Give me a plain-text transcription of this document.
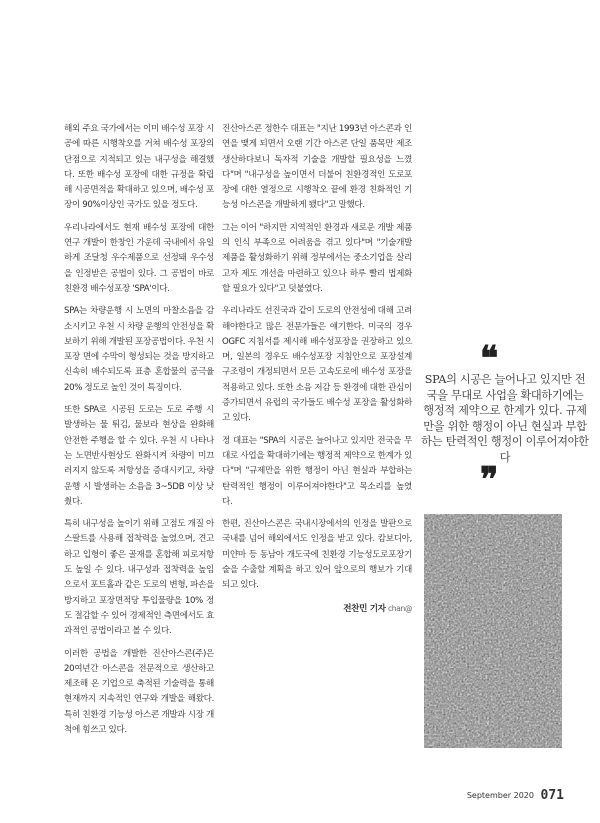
해외 주요 국가에서는 이미 배수성 포장 시공에 따른 시행착오를 거쳐 배수성 포장의 단점으로 지적되고 있는 내구성을 해결했다. 또한 배수성 포장에 대한 규정을 확립해 시공면적을 확대하고 있으며, 배수성 포장이 90%이상인 국가도 있을 정도다.

우리나라에서도 현재 배수성 포장에 대한 연구 개발이 한창인 가운데 국내에서 유일하게 조달청 우수제품으로 선정돼 우수성을 인정받은 공법이 있다. 그 공법이 바로 친환경 배수성포장 'SPA'이다.

SPA는 차량운행 시 노면의 마찰소음을 감소시키고 우천 시 차량 운행의 안전성을 확보하기 위해 개발된 포장공법이다. 우천 시 포장 면에 수막이 형성되는 것을 방지하고 신속히 배수되도록 표층 혼합물의 공극율 20% 정도로 높인 것이 특징이다.

또한 SPA로 시공된 도로는 도로 주행 시 발생하는 물 튀김, 물보라 현상을 완화해 안전한 주행을 할 수 있다. 우천 시 나타나는 노면반사현상도 완화시켜 차량이 미끄러지지 않도록 저항성을 증대시키고, 차량 운행 시 발생하는 소음을 3~5DB 이상 낮췄다.

특히 내구성을 높이기 위해 고점도 개질 아스팔트를 사용해 접착력을 높였으며, 견고하고 입형이 좋은 골재를 혼합해 피로저항도 높일 수 있다. 내구성과 접착력을 높임으로서 포트홀과 같은 도로의 변형, 파손을 방지하고 포장면적당 투입물량을 10% 정도 절감할 수 있어 경제적인 측면에서도 효과적인 공법이라고 볼 수 있다.

이러한 공법을 개발한 진산아스콘(주)은 20여년간 아스콘을 전문적으로 생산하고 제조해 온 기업으로 축적된 기술력을 통해 현재까지 지속적인 연구와 개발을 해왔다. 특히 친환경 기능성 아스콘 개발과 시장 개척에 힘쓰고 있다.

진산아스콘 정한수 대표는 "지난 1993년 아스콘과 인연을 맺게 되면서 오랜 기간 아스콘 단일 품목만 제조 생산하다보니 독자적 기술을 개발할 필요성을 느꼈다"며 "내구성을 높이면서 더불어 친환경적인 도로포장에 대한 열정으로 시행착오 끝에 환경 친화적인 기능성 아스콘을 개발하게 됐다"고 말했다.

그는 이어 "하지만 지역적인 환경과 새로운 개발 제품의 인식 부족으로 어려움을 겪고 있다"며 "기술개발 제품을 활성화하기 위해 정부에서는 중소기업을 살리고자 제도 개선을 마련하고 있으나 하루 빨리 법제화 할 필요가 있다"고 덧붙였다.

우리나라도 선진국과 같이 도로의 안전성에 대해 고려해야한다고 많은 전문가들은 얘기한다. 미국의 경우 OGFC 지침서를 제시해 배수성포장을 권장하고 있으며, 일본의 경우도 배수성포장 지침안으로 포장설계 구조령이 개정되면서 모든 고속도로에 배수성 포장을 적용하고 있다. 또한 소음 저감 등 환경에 대한 관심이 증가되면서 유럽의 국가들도 배수성 포장을 활성화하고 있다.

정 대표는 "SPA의 시공은 늘어나고 있지만 전국을 무대로 사업을 확대하기에는 행정적 제약으로 한계가 있다"며 "규제만을 위한 행정이 아닌 현실과 부합하는 탄력적인 행정이 이루어져야한다"고 목소리를 높였다.

한편, 진산아스콘은 국내시장에서의 인정을 발판으로 국내를 넘어 해외에서도 인정을 받고 있다. 캄보디아, 미얀마 등 동남아 개도국에 친환경 기능성도로포장기술을 수출할 계획을 하고 있어 앞으로의 행보가 기대되고 있다.

전찬민 기자 chan@
❝

SPA의 시공은 늘어나고 있지만 전국을 무대로 사업을 확대하기에는 행정적 제약으로 한계가 있다. 규제만을 위한 행정이 아닌 현실과 부합하는 탄력적인 행정이 이루어져야한다

❞
September 2020 071
